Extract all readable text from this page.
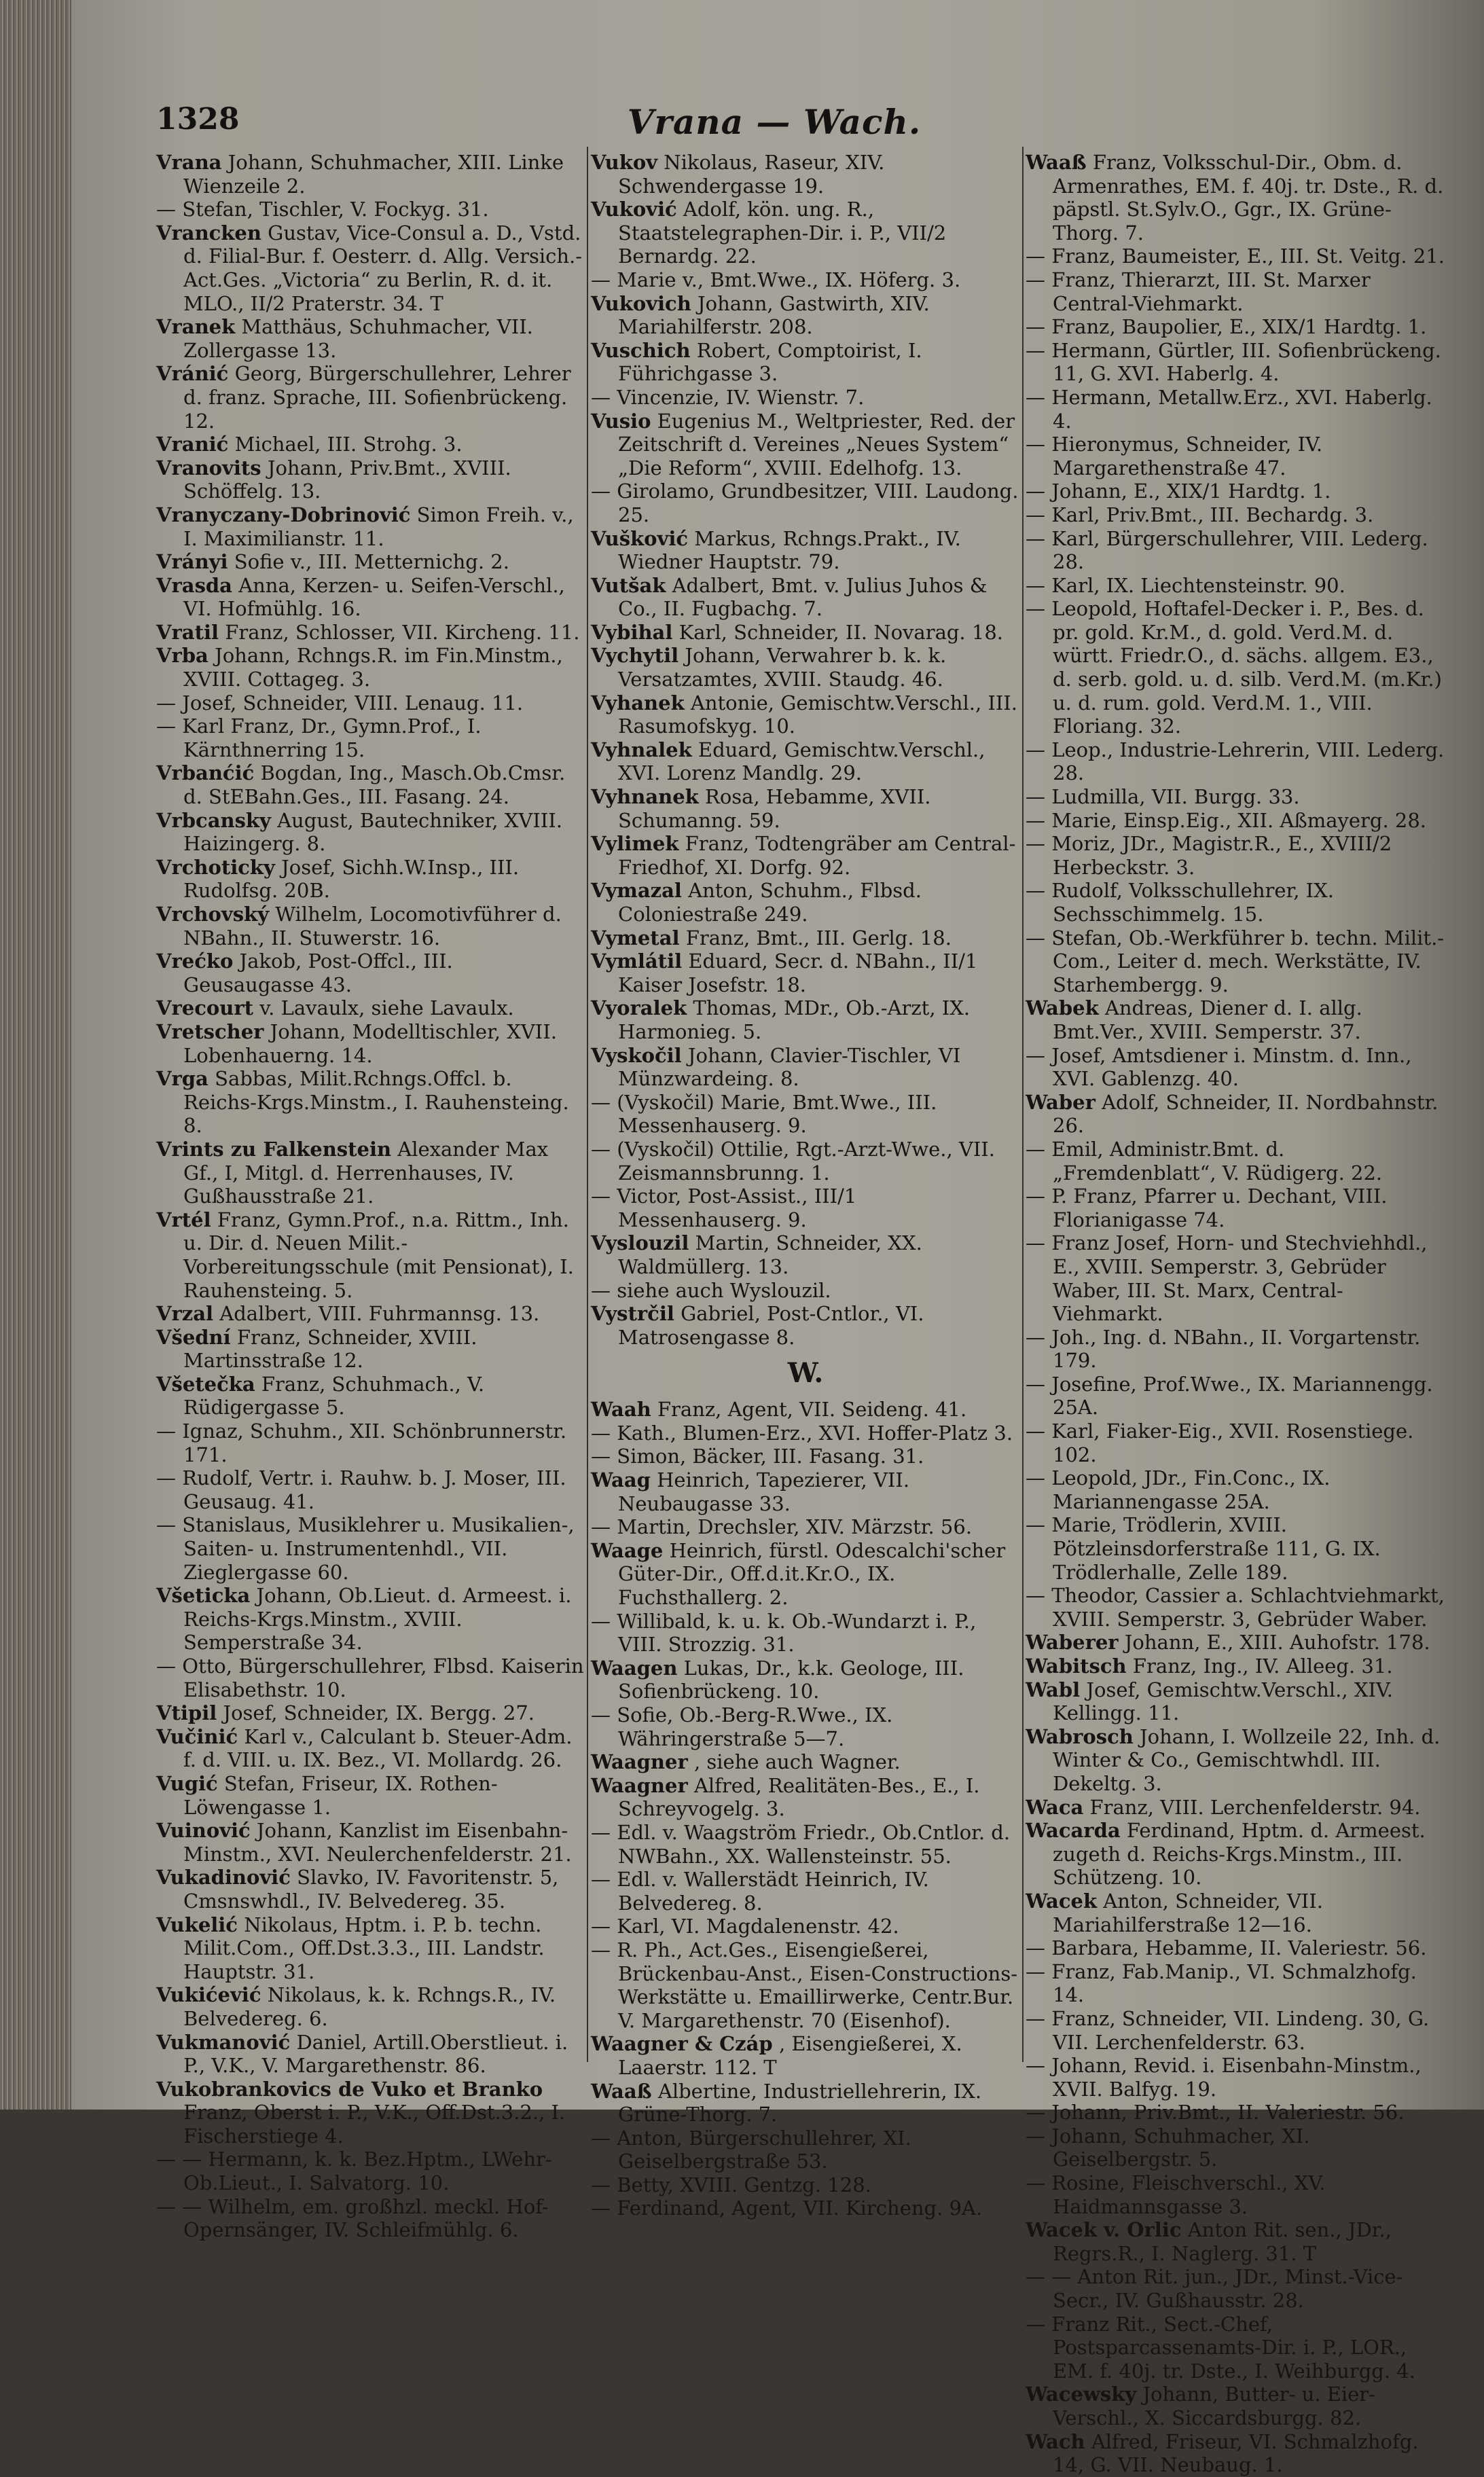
1328	Vrana — Wach.

Vrana Johann, Schuhmacher, XIII. Linke Wienzeile 2.

— Stefan, Tischler, V. Fockyg. 31.

Vrancken Gustav, Vice-Consul a. D., Vstd. d. Filial-Bur. f. Oesterr. d. Allg. Versich.-Act.Ges. „Victoria“ zu Berlin, R. d. it. MLO., II/2 Praterstr. 34. T

Vranek Matthäus, Schuhmacher, VII. Zollergasse 13.

Vránić Georg, Bürgerschullehrer, Lehrer d. franz. Sprache, III. Sofienbrückeng. 12.

Vranić Michael, III. Strohg. 3.

Vranovits Johann, Priv.Bmt., XVIII. Schöffelg. 13.

Vranyczany-Dobrinović Simon Freih. v., I. Maximilianstr. 11.

Vrányi Sofie v., III. Metternichg. 2.

Vrasda Anna, Kerzen- u. Seifen-Verschl., VI. Hofmühlg. 16.

Vratil Franz, Schlosser, VII. Kircheng. 11.

Vrba Johann, Rchngs.R. im Fin.Minstm., XVIII. Cottageg. 3.

— Josef, Schneider, VIII. Lenaug. 11.

— Karl Franz, Dr., Gymn.Prof., I. Kärnthnerring 15.

Vrbanćić Bogdan, Ing., Masch.Ob.Cmsr. d. StEBahn.Ges., III. Fasang. 24.

Vrbcansky August, Bautechniker, XVIII. Haizingerg. 8.

Vrchoticky Josef, Sichh.W.Insp., III. Rudolfsg. 20B.

Vrchovský Wilhelm, Locomotivführer d. NBahn., II. Stuwerstr. 16.

Vrećko Jakob, Post-Offcl., III. Geusaugasse 43.

Vrecourt v. Lavaulx, siehe Lavaulx.

Vretscher Johann, Modelltischler, XVII. Lobenhauerng. 14.

Vrga Sabbas, Milit.Rchngs.Offcl. b. Reichs-Krgs.Minstm., I. Rauhensteing. 8.

Vrints zu Falkenstein Alexander Max Gf., I, Mitgl. d. Herrenhauses, IV. Gußhausstraße 21.

Vrtél Franz, Gymn.Prof., n.a. Rittm., Inh. u. Dir. d. Neuen Milit.-Vorbereitungsschule (mit Pensionat), I. Rauhensteing. 5.

Vrzal Adalbert, VIII. Fuhrmannsg. 13.

Všední Franz, Schneider, XVIII. Martinsstraße 12.

Všetečka Franz, Schuhmach., V. Rüdigergasse 5.

— Ignaz, Schuhm., XII. Schönbrunnerstr. 171.

— Rudolf, Vertr. i. Rauhw. b. J. Moser, III. Geusaug. 41.

— Stanislaus, Musiklehrer u. Musikalien-, Saiten- u. Instrumentenhdl., VII. Zieglergasse 60.

Všeticka Johann, Ob.Lieut. d. Armeest. i. Reichs-Krgs.Minstm., XVIII. Semperstraße 34.

— Otto, Bürgerschullehrer, Flbsd. Kaiserin Elisabethstr. 10.

Vtipil Josef, Schneider, IX. Bergg. 27.

Vučinić Karl v., Calculant b. Steuer-Adm. f. d. VIII. u. IX. Bez., VI. Mollardg. 26.

Vugić Stefan, Friseur, IX. Rothen-Löwengasse 1.

Vuinović Johann, Kanzlist im Eisenbahn-Minstm., XVI. Neulerchenfelderstr. 21.

Vukadinović Slavko, IV. Favoritenstr. 5, Cmsnswhdl., IV. Belvedereg. 35.

Vukelić Nikolaus, Hptm. i. P. b. techn. Milit.Com., Off.Dst.3.3., III. Landstr. Hauptstr. 31.

Vukićević Nikolaus, k. k. Rchngs.R., IV. Belvedereg. 6.

Vukmanović Daniel, Artill.Oberstlieut. i. P., V.K., V. Margarethenstr. 86.

Vukobrankovics de Vuko et Branko Franz, Oberst i. P., V.K., Off.Dst.3.2., I. Fischerstiege 4.

— — Hermann, k. k. Bez.Hptm., LWehr-Ob.Lieut., I. Salvatorg. 10.

— — Wilhelm, em. großhzl. meckl. Hof-Opernsänger, IV. Schleifmühlg. 6.

Vukov Nikolaus, Raseur, XIV. Schwendergasse 19.

Vuković Adolf, kön. ung. R., Staatstelegraphen-Dir. i. P., VII/2 Bernardg. 22.

— Marie v., Bmt.Wwe., IX. Höferg. 3.

Vukovich Johann, Gastwirth, XIV. Mariahilferstr. 208.

Vuschich Robert, Comptoirist, I. Führichgasse 3.

— Vincenzie, IV. Wienstr. 7.

Vusio Eugenius M., Weltpriester, Red. der Zeitschrift d. Vereines „Neues System“ „Die Reform“, XVIII. Edelhofg. 13.

— Girolamo, Grundbesitzer, VIII. Laudong. 25.

Vušković Markus, Rchngs.Prakt., IV. Wiedner Hauptstr. 79.

Vutšak Adalbert, Bmt. v. Julius Juhos & Co., II. Fugbachg. 7.

Vybihal Karl, Schneider, II. Novarag. 18.

Vychytil Johann, Verwahrer b. k. k. Versatzamtes, XVIII. Staudg. 46.

Vyhanek Antonie, Gemischtw.Verschl., III. Rasumofskyg. 10.

Vyhnalek Eduard, Gemischtw.Verschl., XVI. Lorenz Mandlg. 29.

Vyhnanek Rosa, Hebamme, XVII. Schumanng. 59.

Vylimek Franz, Todtengräber am Central-Friedhof, XI. Dorfg. 92.

Vymazal Anton, Schuhm., Flbsd. Coloniestraße 249.

Vymetal Franz, Bmt., III. Gerlg. 18.

Vymlátil Eduard, Secr. d. NBahn., II/1 Kaiser Josefstr. 18.

Vyoralek Thomas, MDr., Ob.-Arzt, IX. Harmonieg. 5.

Vyskočil Johann, Clavier-Tischler, VI Münzwardeing. 8.

— (Vyskočil) Marie, Bmt.Wwe., III. Messenhauserg. 9.

— (Vyskočil) Ottilie, Rgt.-Arzt-Wwe., VII. Zeismannsbrunng. 1.

— Victor, Post-Assist., III/1 Messenhauserg. 9.

Vyslouzil Martin, Schneider, XX. Waldmüllerg. 13.

— siehe auch Wyslouzil.

Vystrčil Gabriel, Post-Cntlor., VI. Matrosengasse 8.

W.

Waah Franz, Agent, VII. Seideng. 41.

— Kath., Blumen-Erz., XVI. Hoffer-Platz 3.

— Simon, Bäcker, III. Fasang. 31.

Waag Heinrich, Tapezierer, VII. Neubaugasse 33.

— Martin, Drechsler, XIV. Märzstr. 56.

Waage Heinrich, fürstl. Odescalchi'scher Güter-Dir., Off.d.it.Kr.O., IX. Fuchsthallerg. 2.

— Willibald, k. u. k. Ob.-Wundarzt i. P., VIII. Strozzig. 31.

Waagen Lukas, Dr., k.k. Geologe, III. Sofienbrückeng. 10.

— Sofie, Ob.-Berg-R.Wwe., IX. Währingerstraße 5—7.

Waagner , siehe auch Wagner.

Waagner Alfred, Realitäten-Bes., E., I. Schreyvogelg. 3.

— Edl. v. Waagström Friedr., Ob.Cntlor. d. NWBahn., XX. Wallensteinstr. 55.

— Edl. v. Wallerstädt Heinrich, IV. Belvedereg. 8.

— Karl, VI. Magdalenenstr. 42.

— R. Ph., Act.Ges., Eisengießerei, Brückenbau-Anst., Eisen-Constructions-Werkstätte u. Emaillirwerke, Centr.Bur. V. Margarethenstr. 70 (Eisenhof).

Waagner & Czáp , Eisengießerei, X. Laaerstr. 112. T

Waaß Albertine, Industriellehrerin, IX. Grüne-Thorg. 7.

— Anton, Bürgerschullehrer, XI. Geiselbergstraße 53.

— Betty, XVIII. Gentzg. 128.

— Ferdinand, Agent, VII. Kircheng. 9A.

Waaß Franz, Volksschul-Dir., Obm. d. Armenrathes, EM. f. 40j. tr. Dste., R. d. päpstl. St.Sylv.O., Ggr., IX. Grüne-Thorg. 7.

— Franz, Baumeister, E., III. St. Veitg. 21.

— Franz, Thierarzt, III. St. Marxer Central-Viehmarkt.

— Franz, Baupolier, E., XIX/1 Hardtg. 1.

— Hermann, Gürtler, III. Sofienbrückeng. 11, G. XVI. Haberlg. 4.

— Hermann, Metallw.Erz., XVI. Haberlg. 4.

— Hieronymus, Schneider, IV. Margarethenstraße 47.

— Johann, E., XIX/1 Hardtg. 1.

— Karl, Priv.Bmt., III. Bechardg. 3.

— Karl, Bürgerschullehrer, VIII. Lederg. 28.

— Karl, IX. Liechtensteinstr. 90.

— Leopold, Hoftafel-Decker i. P., Bes. d. pr. gold. Kr.M., d. gold. Verd.M. d. württ. Friedr.O., d. sächs. allgem. E3., d. serb. gold. u. d. silb. Verd.M. (m.Kr.) u. d. rum. gold. Verd.M. 1., VIII. Floriang. 32.

— Leop., Industrie-Lehrerin, VIII. Lederg. 28.

— Ludmilla, VII. Burgg. 33.

— Marie, Einsp.Eig., XII. Aßmayerg. 28.

— Moriz, JDr., Magistr.R., E., XVIII/2 Herbeckstr. 3.

— Rudolf, Volksschullehrer, IX. Sechsschimmelg. 15.

— Stefan, Ob.-Werkführer b. techn. Milit.-Com., Leiter d. mech. Werkstätte, IV. Starhembergg. 9.

Wabek Andreas, Diener d. I. allg. Bmt.Ver., XVIII. Semperstr. 37.

— Josef, Amtsdiener i. Minstm. d. Inn., XVI. Gablenzg. 40.

Waber Adolf, Schneider, II. Nordbahnstr. 26.

— Emil, Administr.Bmt. d. „Fremdenblatt“, V. Rüdigerg. 22.

— P. Franz, Pfarrer u. Dechant, VIII. Florianigasse 74.

— Franz Josef, Horn- und Stechviehhdl., E., XVIII. Semperstr. 3, Gebrüder Waber, III. St. Marx, Central-Viehmarkt.

— Joh., Ing. d. NBahn., II. Vorgartenstr. 179.

— Josefine, Prof.Wwe., IX. Mariannengg. 25A.

— Karl, Fiaker-Eig., XVII. Rosenstiege. 102.

— Leopold, JDr., Fin.Conc., IX. Mariannengasse 25A.

— Marie, Trödlerin, XVIII. Pötzleinsdorferstraße 111, G. IX. Trödlerhalle, Zelle 189.

— Theodor, Cassier a. Schlachtviehmarkt, XVIII. Semperstr. 3, Gebrüder Waber.

Waberer Johann, E., XIII. Auhofstr. 178.

Wabitsch Franz, Ing., IV. Alleeg. 31.

Wabl Josef, Gemischtw.Verschl., XIV. Kellingg. 11.

Wabrosch Johann, I. Wollzeile 22, Inh. d. Winter & Co., Gemischtwhdl. III. Dekeltg. 3.

Waca Franz, VIII. Lerchenfelderstr. 94.

Wacarda Ferdinand, Hptm. d. Armeest. zugeth d. Reichs-Krgs.Minstm., III. Schützeng. 10.

Wacek Anton, Schneider, VII. Mariahilferstraße 12—16.

— Barbara, Hebamme, II. Valeriestr. 56.

— Franz, Fab.Manip., VI. Schmalzhofg. 14.

— Franz, Schneider, VII. Lindeng. 30, G. VII. Lerchenfelderstr. 63.

— Johann, Revid. i. Eisenbahn-Minstm., XVII. Balfyg. 19.

— Johann, Priv.Bmt., II. Valeriestr. 56.

— Johann, Schuhmacher, XI. Geiselbergstr. 5.

— Rosine, Fleischverschl., XV. Haidmannsgasse 3.

Wacek v. Orlic Anton Rit. sen., JDr., Regrs.R., I. Naglerg. 31. T

— — Anton Rit. jun., JDr., Minst.-Vice-Secr., IV. Gußhausstr. 28.

— Franz Rit., Sect.-Chef, Postsparcassenamts-Dir. i. P., LOR., EM. f. 40j. tr. Dste., I. Weihburgg. 4.

Wacewsky Johann, Butter- u. Eier-Verschl., X. Siccardsburgg. 82.

Wach Alfred, Friseur, VI. Schmalzhofg. 14, G. VII. Neubaug. 1.
